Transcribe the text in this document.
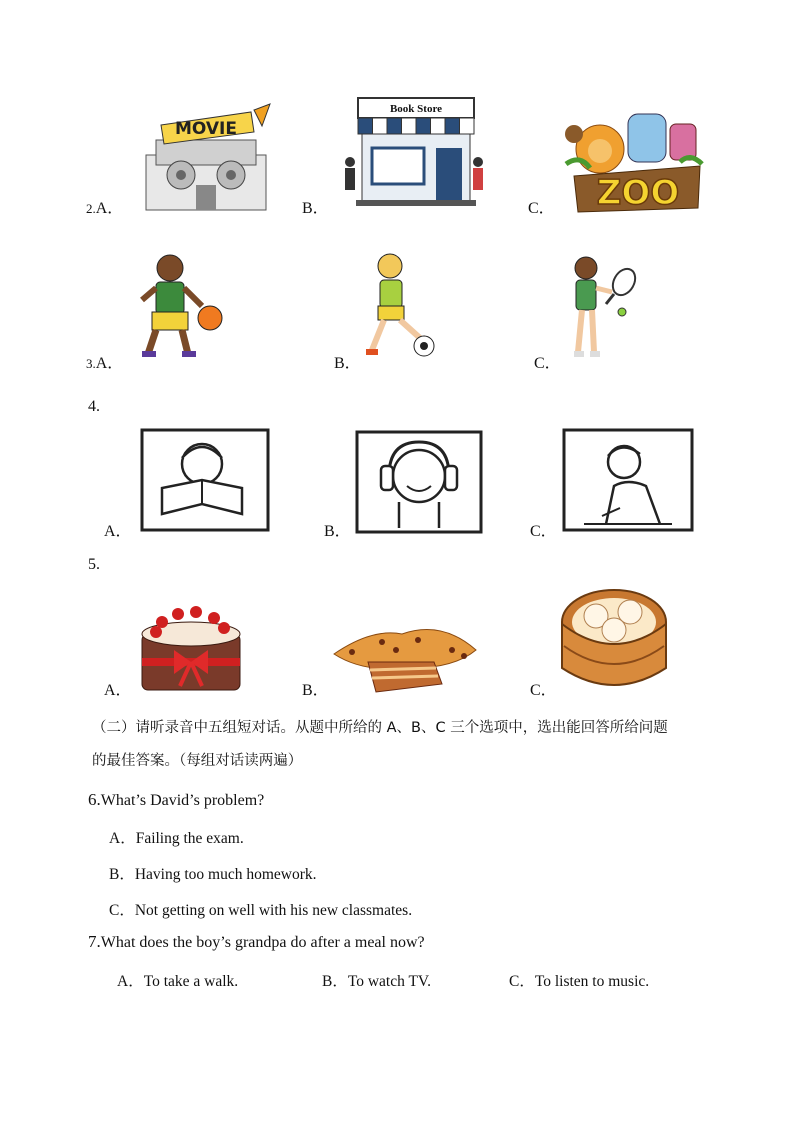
2.A．
MOVIE
B．
Book Store
C． ZOO
3.A．	B．	C．
4.
A．	B．	C．
5.
A．	B．	C．
（二）请听录音中五组短对话。从题中所给的 A、B、C 三个选项中，选出能回答所给问题
的最佳答案。（每组对话读两遍）
6.What’s David’s problem?
A．Failing the exam.
B．Having too much homework.
C．Not getting on well with his new classmates.
7.What does the boy’s grandpa do after a meal now?
A．To take a walk.	B．To watch TV.	C．To listen to music.
